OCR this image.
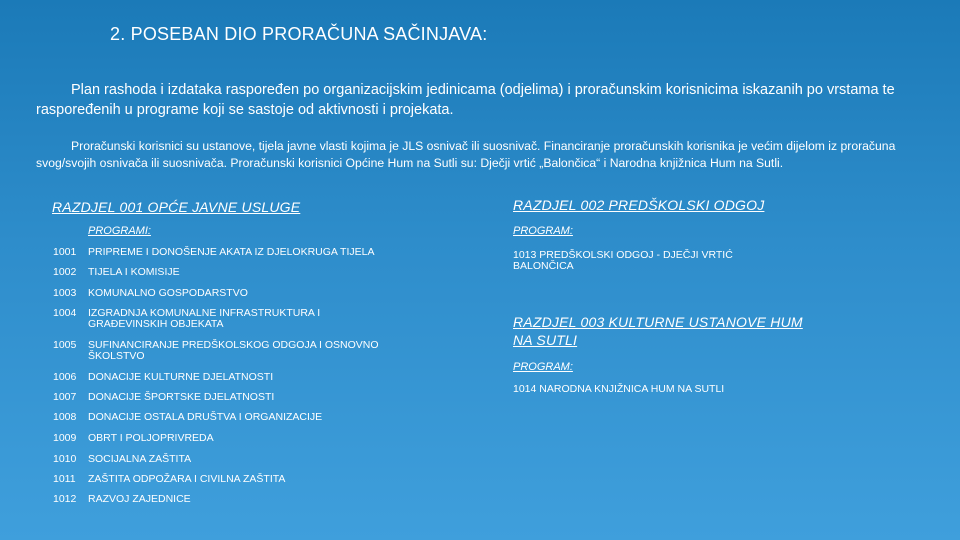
2. POSEBAN DIO PRORAČUNA SAČINJAVA:
Plan rashoda i izdataka raspoređen po organizacijskim jedinicama (odjelima) i proračunskim korisnicima iskazanih po vrstama te raspoređenih u programe koji se sastoje od aktivnosti i projekata.
Proračunski korisnici su ustanove, tijela javne vlasti kojima je JLS osnivač ili suosnivač. Financiranje proračunskih korisnika je većim dijelom iz proračuna svog/svojih osnivača ili suosnivača. Proračunski korisnici Općine Hum na Sutli su: Dječji vrtić „Balončica“ i Narodna knjižnica Hum na Sutli.
RAZDJEL 001 OPĆE JAVNE USLUGE
PROGRAMI:
1001	PRIPREME I DONOŠENJE AKATA IZ DJELOKRUGA TIJELA
1002	TIJELA I KOMISIJE
1003	KOMUNALNO GOSPODARSTVO
1004	IZGRADNJA KOMUNALNE INFRASTRUKTURA I GRAĐEVINSKIH OBJEKATA
1005	SUFINANCIRANJE PREDŠKOLSKOG ODGOJA I OSNOVNO ŠKOLSTVO
1006	DONACIJE KULTURNE DJELATNOSTI
1007	DONACIJE ŠPORTSKE DJELATNOSTI
1008	DONACIJE OSTALA DRUŠTVA I ORGANIZACIJE
1009	OBRT I POLJOPRIVREDA
1010	SOCIJALNA ZAŠTITA
1011	ZAŠTITA ODPOŽARA I CIVILNA ZAŠTITA
1012	RAZVOJ ZAJEDNICE
RAZDJEL 002 PREDŠKOLSKI ODGOJ
PROGRAM:
1013 PREDŠKOLSKI ODGOJ - DJEČJI VRTIĆ BALONČICA
RAZDJEL 003 KULTURNE USTANOVE HUM NA SUTLI
PROGRAM:
1014 NARODNA KNJIŽNICA HUM NA SUTLI
